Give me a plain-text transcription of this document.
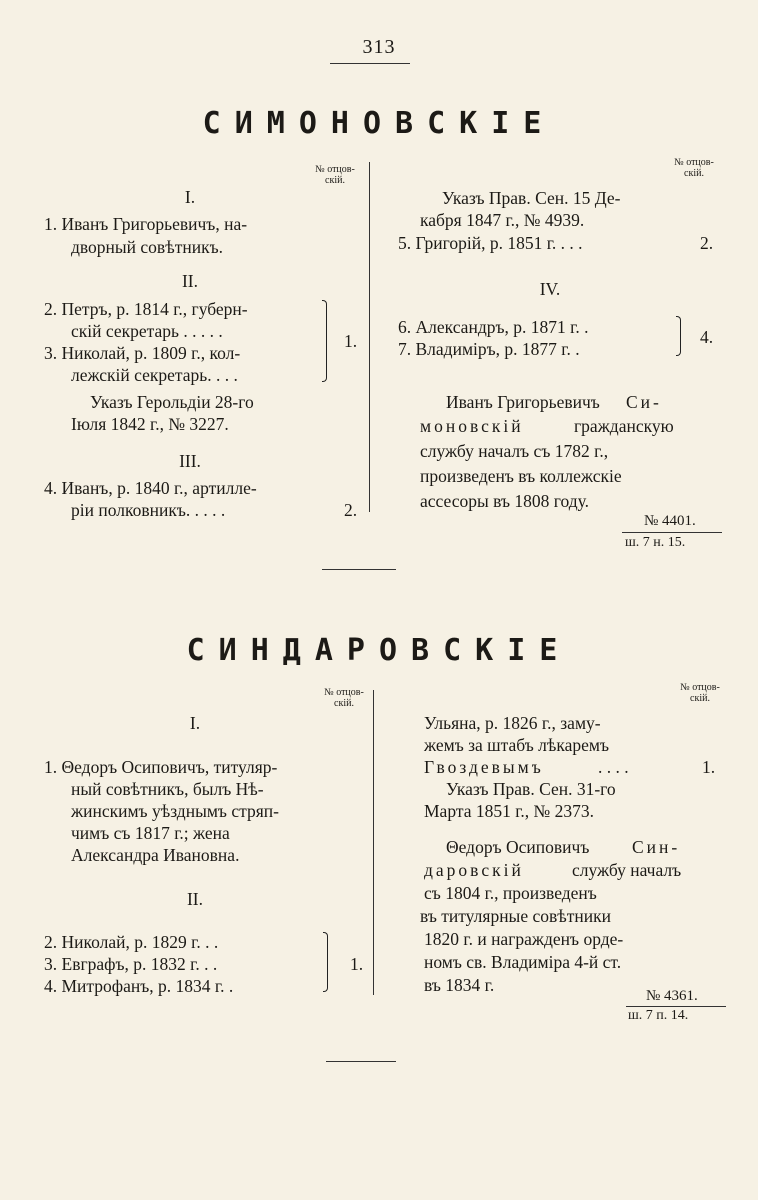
313
СИМОНОВСКІЕ
№ отцов-
скій.
№ отцов-
скій.
I.
1. Иванъ Григорьевичъ, на-
дворный совѣтникъ.
II.
2. Петръ, р. 1814 г., губерн-
скій секретарь . . . . .
3. Николай, р. 1809 г., кол-
лежскій секретарь. . . .
1.
Указъ Герольдіи 28-го
Іюля 1842 г., № 3227.
III.
4. Иванъ, р. 1840 г., артилле-
ріи полковникъ. . . . .	2.
Указъ Прав. Сен. 15 Де-
кабря 1847 г., № 4939.
5. Григорій, р. 1851 г. . . .	2.
IV.
6. Александръ, р. 1871 г. .
7. Владиміръ, р. 1877 г. .
4.
Иванъ Григорьевичъ Си-
моновскій	гражданскую
службу началъ съ 1782 г.,
произведенъ въ коллежскіе
ассесоры въ 1808 году.
№ 4401.
ш. 7 н. 15.
СИНДАРОВСКІЕ
№ отцов-
скій.
№ отцов-
скій.
I.
1. Θедоръ Осиповичъ, титуляр-
ный совѣтникъ, былъ Нѣ-
жинскимъ уѣзднымъ стряп-
чимъ съ 1817 г.; жена
Александра Ивановна.
II.
2. Николай, р. 1829 г. . .
3. Евграфъ, р. 1832 г. . .
4. Митрофанъ, р. 1834 г. .
1.
Ульяна, р. 1826 г., заму-
жемъ за штабъ лѣкаремъ
Гвоздевымъ	. . . .	1.
Указъ Прав. Сен. 31-го
Марта 1851 г., № 2373.
Θедоръ Осиповичъ Син-
даровскій	службу началъ
съ 1804 г., произведенъ
въ титулярные совѣтники
1820 г. и награжденъ орде-
номъ св. Владиміра 4-й ст.
въ 1834 г.
№ 4361.
ш. 7 п. 14.
